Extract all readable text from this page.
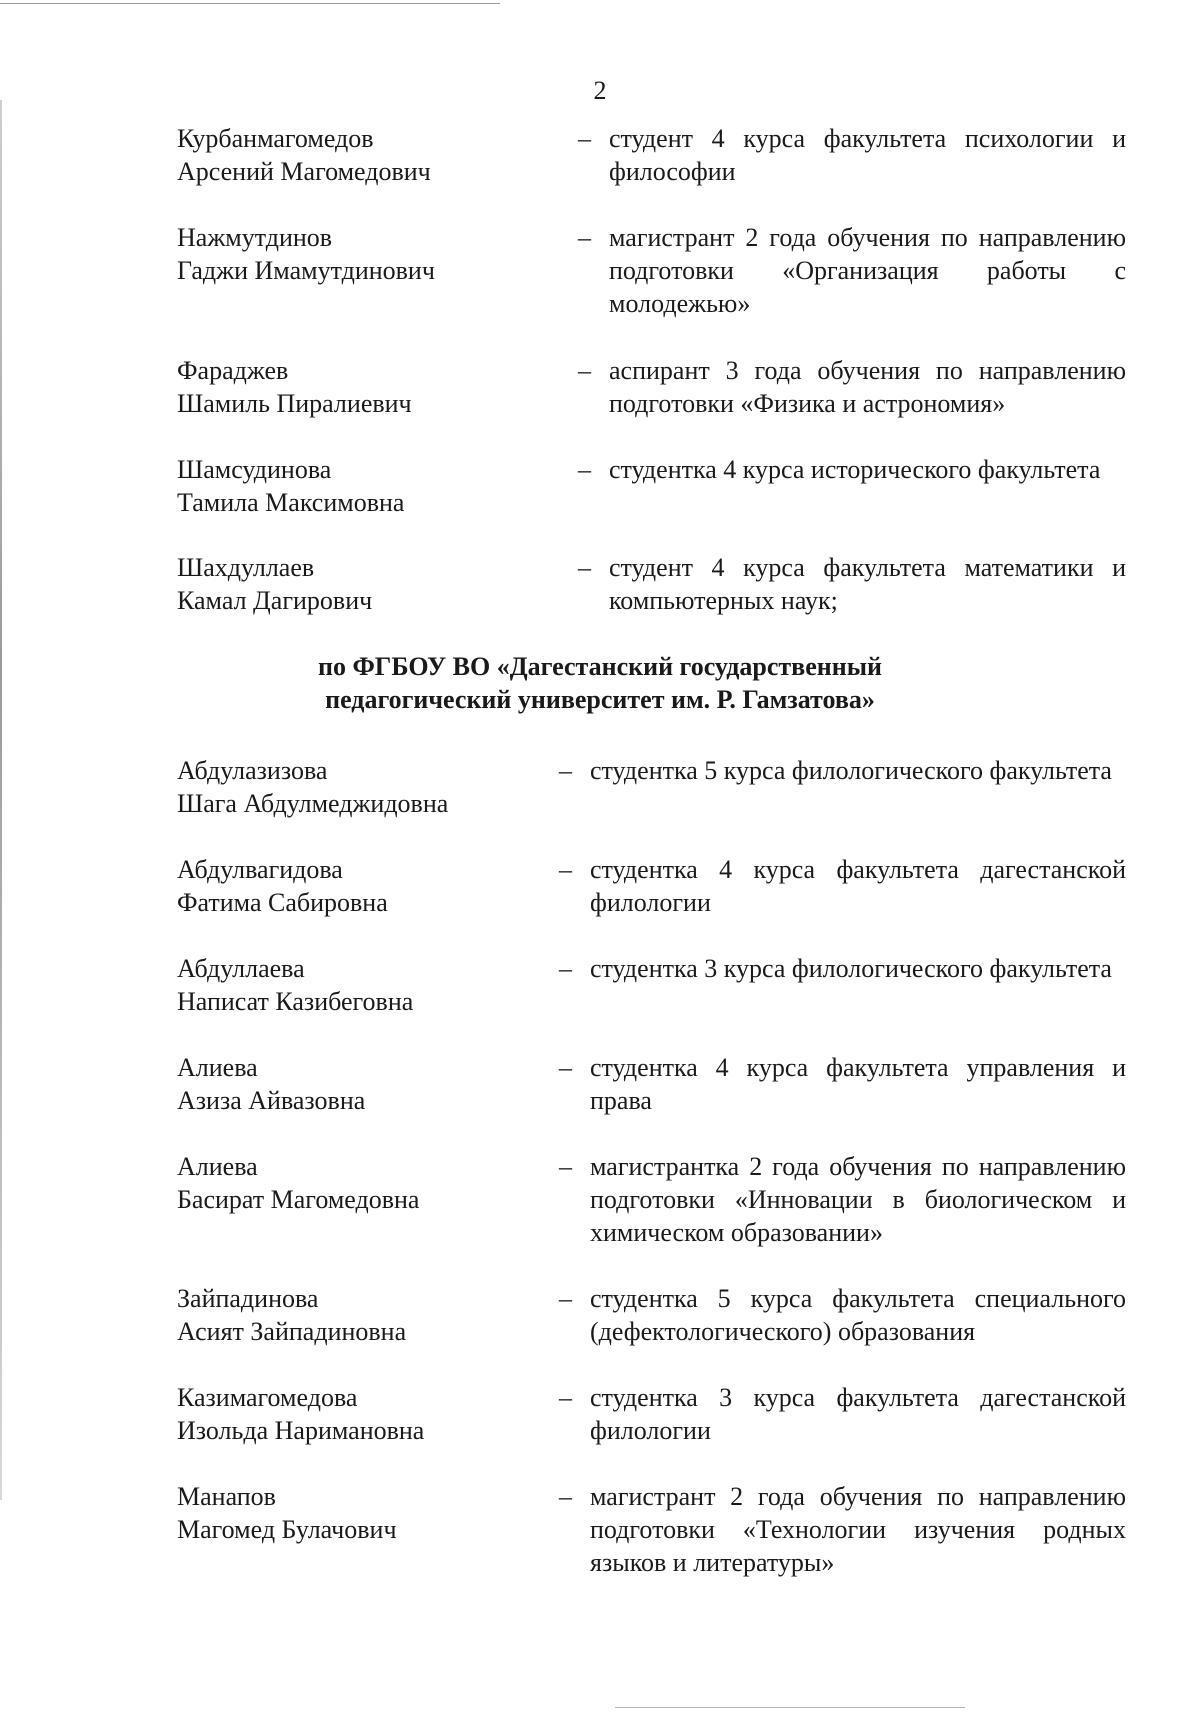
2
Курбанмагомедов
Арсений Магомедович
– студент 4 курса факультета психологии и философии
Нажмутдинов
Гаджи Имамутдинович
– магистрант 2 года обучения по направлению подготовки «Организация работы с молодежью»
Фараджев
Шамиль Пиралиевич
– аспирант 3 года обучения по направлению подготовки «Физика и астрономия»
Шамсудинова
Тамила Максимовна
– студентка 4 курса исторического факультета
Шахдуллаев
Камал Дагирович
– студент 4 курса факультета математики и компьютерных наук;
по ФГБОУ ВО «Дагестанский государственный
педагогический университет им. Р. Гамзатова»
Абдулазизова
Шага Абдулмеджидовна
– студентка 5 курса филологического факультета
Абдулвагидова
Фатима Сабировна
– студентка 4 курса факультета дагестанской филологии
Абдуллаева
Написат Казибеговна
– студентка 3 курса филологического факультета
Алиева
Азиза Айвазовна
– студентка 4 курса факультета управления и права
Алиева
Басират Магомедовна
– магистрантка 2 года обучения по направлению подготовки «Инновации в биологическом и химическом образовании»
Зайпадинова
Асият Зайпадиновна
– студентка 5 курса факультета специального (дефектологического) образования
Казимагомедова
Изольда Наримановна
– студентка 3 курса факультета дагестанской филологии
Манапов
Магомед Булачович
– магистрант 2 года обучения по направлению подготовки «Технологии изучения родных языков и литературы»
